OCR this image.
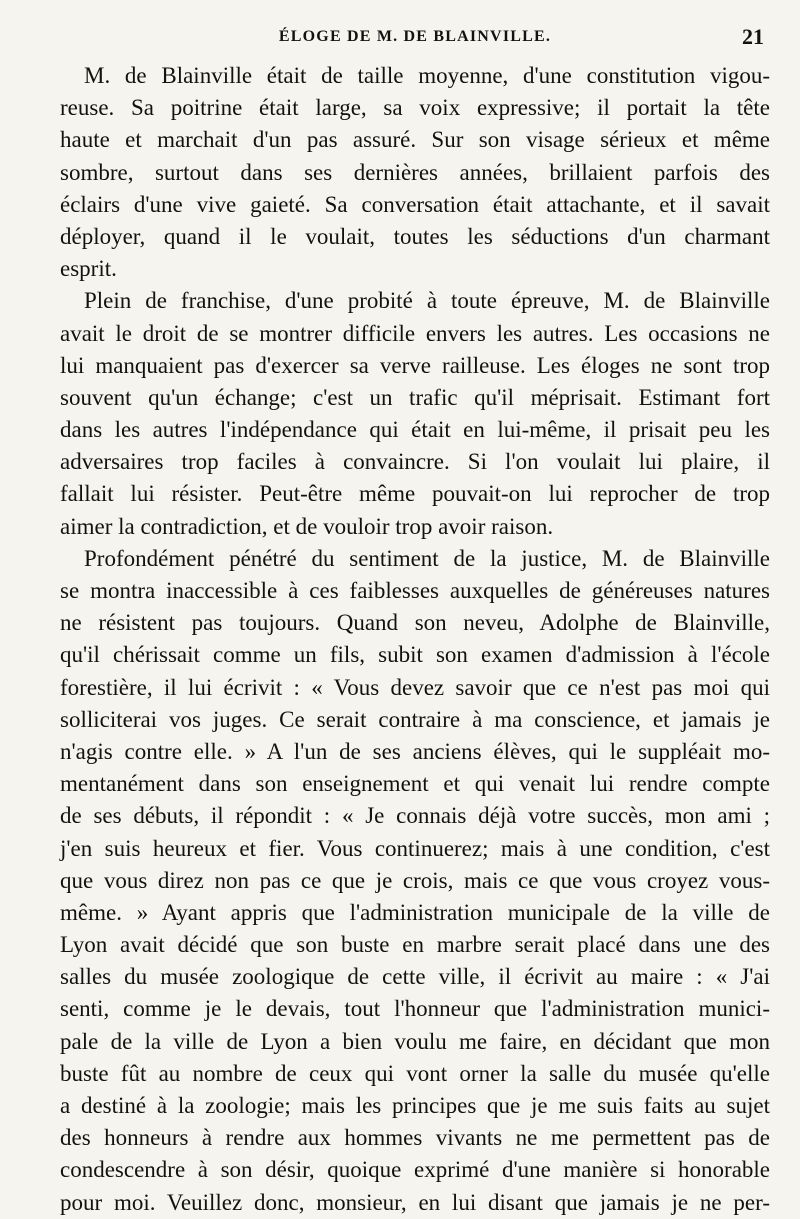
ÉLOGE DE M. DE BLAINVILLE.	21
M. de Blainville était de taille moyenne, d'une constitution vigou-
reuse. Sa poitrine était large, sa voix expressive; il portait la tête
haute et marchait d'un pas assuré. Sur son visage sérieux et même
sombre, surtout dans ses dernières années, brillaient parfois des
éclairs d'une vive gaieté. Sa conversation était attachante, et il savait
déployer, quand il le voulait, toutes les séductions d'un charmant
esprit.
Plein de franchise, d'une probité à toute épreuve, M. de Blainville
avait le droit de se montrer difficile envers les autres. Les occasions ne
lui manquaient pas d'exercer sa verve railleuse. Les éloges ne sont trop
souvent qu'un échange; c'est un trafic qu'il méprisait. Estimant fort
dans les autres l'indépendance qui était en lui-même, il prisait peu les
adversaires trop faciles à convaincre. Si l'on voulait lui plaire, il
fallait lui résister. Peut-être même pouvait-on lui reprocher de trop
aimer la contradiction, et de vouloir trop avoir raison.
Profondément pénétré du sentiment de la justice, M. de Blainville
se montra inaccessible à ces faiblesses auxquelles de généreuses natures
ne résistent pas toujours. Quand son neveu, Adolphe de Blainville,
qu'il chérissait comme un fils, subit son examen d'admission à l'école
forestière, il lui écrivit : « Vous devez savoir que ce n'est pas moi qui
solliciterai vos juges. Ce serait contraire à ma conscience, et jamais je
n'agis contre elle. » A l'un de ses anciens élèves, qui le suppléait mo-
mentanément dans son enseignement et qui venait lui rendre compte
de ses débuts, il répondit : « Je connais déjà votre succès, mon ami ;
j'en suis heureux et fier. Vous continuerez; mais à une condition, c'est
que vous direz non pas ce que je crois, mais ce que vous croyez vous-
même. » Ayant appris que l'administration municipale de la ville de
Lyon avait décidé que son buste en marbre serait placé dans une des
salles du musée zoologique de cette ville, il écrivit au maire : « J'ai
senti, comme je le devais, tout l'honneur que l'administration munici-
pale de la ville de Lyon a bien voulu me faire, en décidant que mon
buste fût au nombre de ceux qui vont orner la salle du musée qu'elle
a destiné à la zoologie; mais les principes que je me suis faits au sujet
des honneurs à rendre aux hommes vivants ne me permettent pas de
condescendre à son désir, quoique exprimé d'une manière si honorable
pour moi. Veuillez donc, monsieur, en lui disant que jamais je ne per-
